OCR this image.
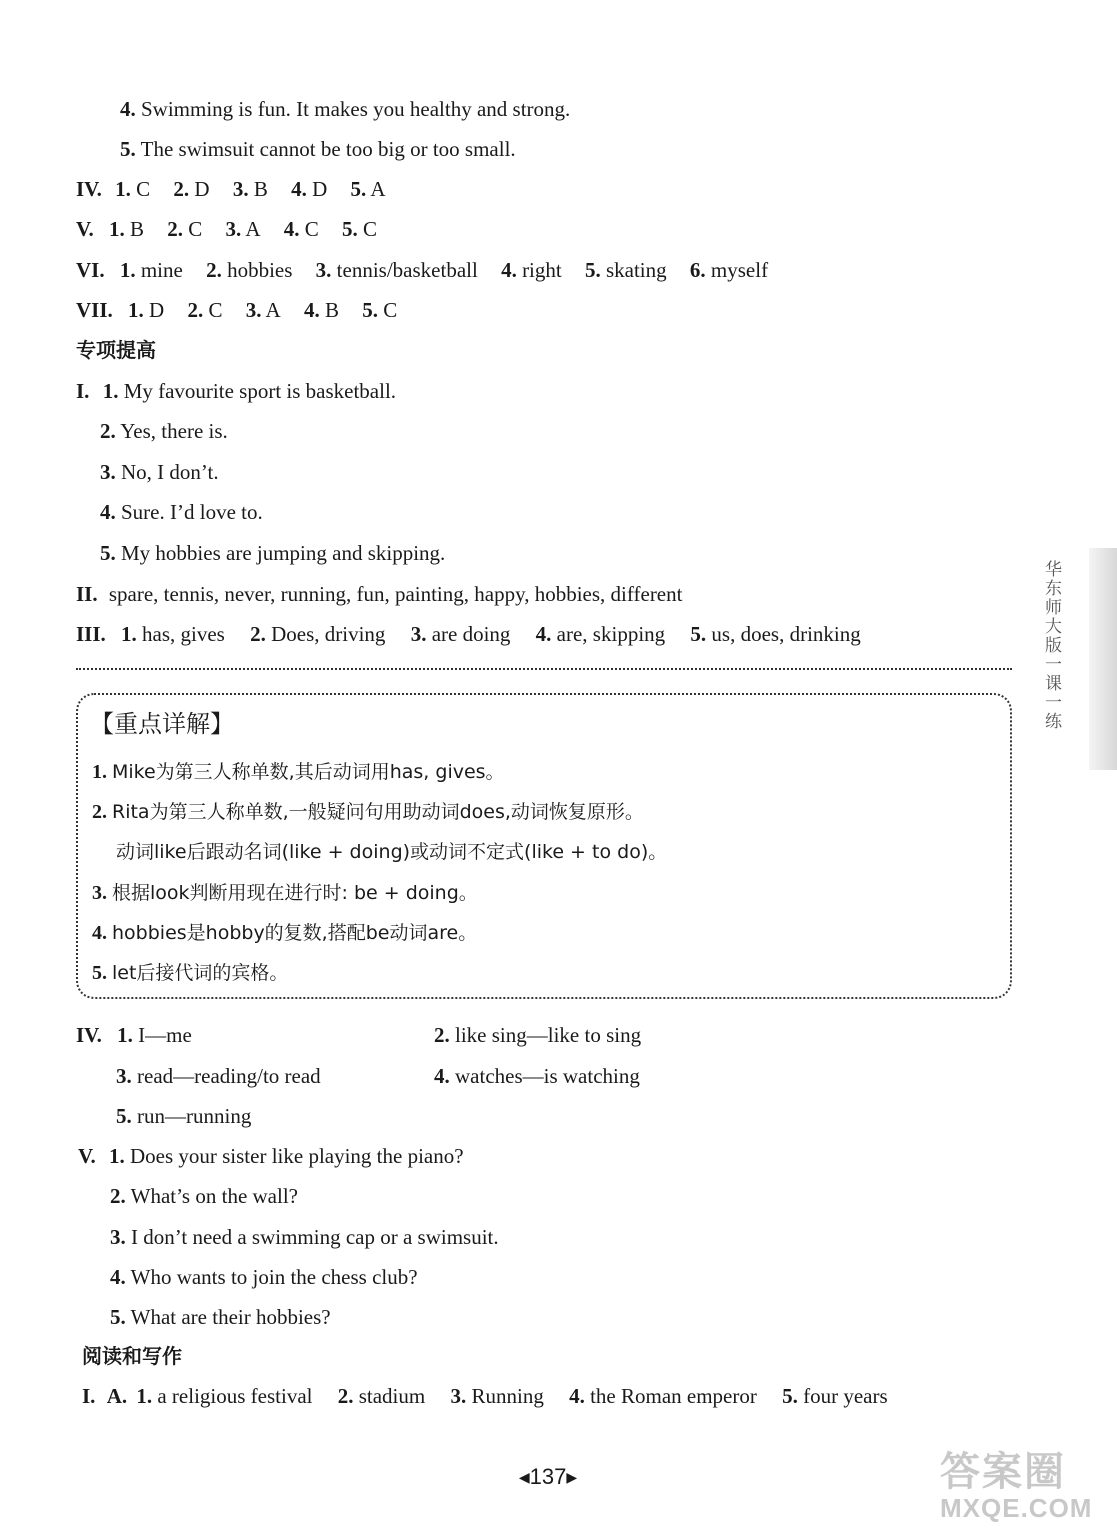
4. Swimming is fun. It makes you healthy and strong.
5. The swimsuit cannot be too big or too small.
IV. 1. C 2. D 3. B 4. D 5. A
V. 1. B 2. C 3. A 4. C 5. C
VI. 1. mine 2. hobbies 3. tennis/basketball 4. right 5. skating 6. myself
VII. 1. D 2. C 3. A 4. B 5. C
专项提高
I. 1. My favourite sport is basketball.
2. Yes, there is.
3. No, I don’t.
4. Sure. I’d love to.
5. My hobbies are jumping and skipping.
II. spare, tennis, never, running, fun, painting, happy, hobbies, different
III. 1. has, gives 2. Does, driving 3. are doing 4. are, skipping 5. us, does, drinking
【重点详解】
1. Mike为第三人称单数,其后动词用has, gives。
2. Rita为第三人称单数,一般疑问句用助动词does,动词恢复原形。
动词like后跟动名词(like + doing)或动词不定式(like + to do)。
3. 根据look判断用现在进行时: be + doing。
4. hobbies是hobby的复数,搭配be动词are。
5. let后接代词的宾格。
IV. 1. I—me	2. like sing—like to sing
3. read—reading/to read	4. watches—is watching
5. run—running
V. 1. Does your sister like playing the piano?
2. What’s on the wall?
3. I don’t need a swimming cap or a swimsuit.
4. Who wants to join the chess club?
5. What are their hobbies?
阅读和写作
I. A. 1. a religious festival 2. stadium 3. Running 4. the Roman emperor 5. four years
华东师大版一课一练
◀137▶	答案圈
MXQE.COM
